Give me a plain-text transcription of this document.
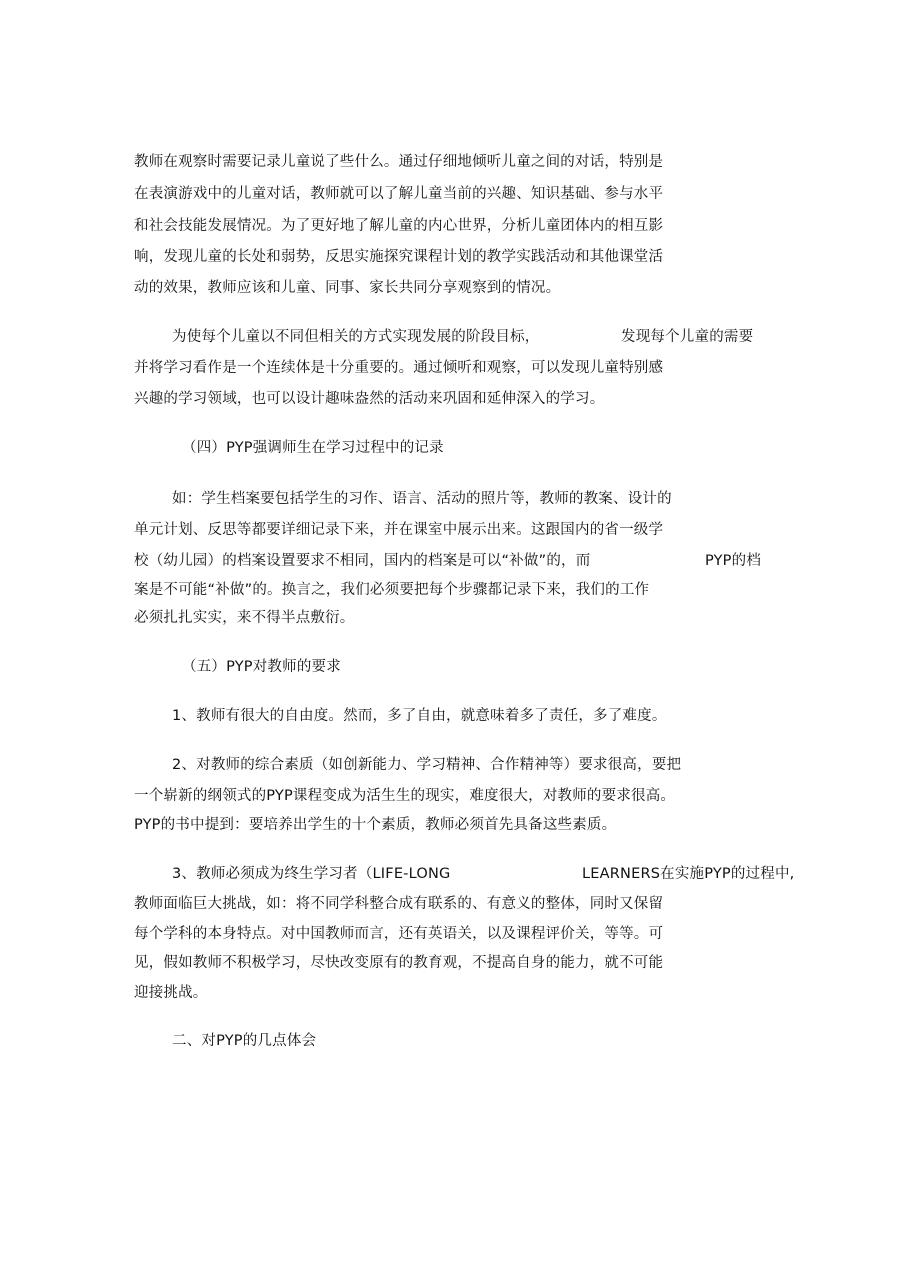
教师在观察时需要记录儿童说了些什么。通过仔细地倾听儿童之间的对话，特别是
在表演游戏中的儿童对话，教师就可以了解儿童当前的兴趣、知识基础、参与水平
和社会技能发展情况。为了更好地了解儿童的内心世界，分析儿童团体内的相互影
响，发现儿童的长处和弱势，反思实施探究课程计划的教学实践活动和其他课堂活
动的效果，教师应该和儿童、同事、家长共同分享观察到的情况。
为使每个儿童以不同但相关的方式实现发展的阶段目标，	发现每个儿童的需要
并将学习看作是一个连续体是十分重要的。通过倾听和观察，可以发现儿童特别感
兴趣的学习领域，也可以设计趣味盎然的活动来巩固和延伸深入的学习。
（四）PYP强调师生在学习过程中的记录
如：学生档案要包括学生的习作、语言、活动的照片等，教师的教案、设计的
单元计划、反思等都要详细记录下来，并在课室中展示出来。这跟国内的省一级学
校（幼儿园）的档案设置要求不相同，国内的档案是可以“补做”的，而	PYP的档
案是不可能“补做”的。换言之，我们必须要把每个步骤都记录下来，我们的工作
必须扎扎实实，来不得半点敷衍。
（五）PYP对教师的要求
1、教师有很大的自由度。然而，多了自由，就意味着多了责任，多了难度。
2、对教师的综合素质（如创新能力、学习精神、合作精神等）要求很高，要把
一个崭新的纲领式的PYP课程变成为活生生的现实，难度很大，对教师的要求很高。
PYP的书中提到：要培养出学生的十个素质，教师必须首先具备这些素质。
3、教师必须成为终生学习者（LIFE-LONG	LEARNERS在实施PYP的过程中,
教师面临巨大挑战，如：将不同学科整合成有联系的、有意义的整体，同时又保留
每个学科的本身特点。对中国教师而言，还有英语关，以及课程评价关，等等。可
见，假如教师不积极学习，尽快改变原有的教育观，不提高自身的能力，就不可能
迎接挑战。
二、对PYP的几点体会
